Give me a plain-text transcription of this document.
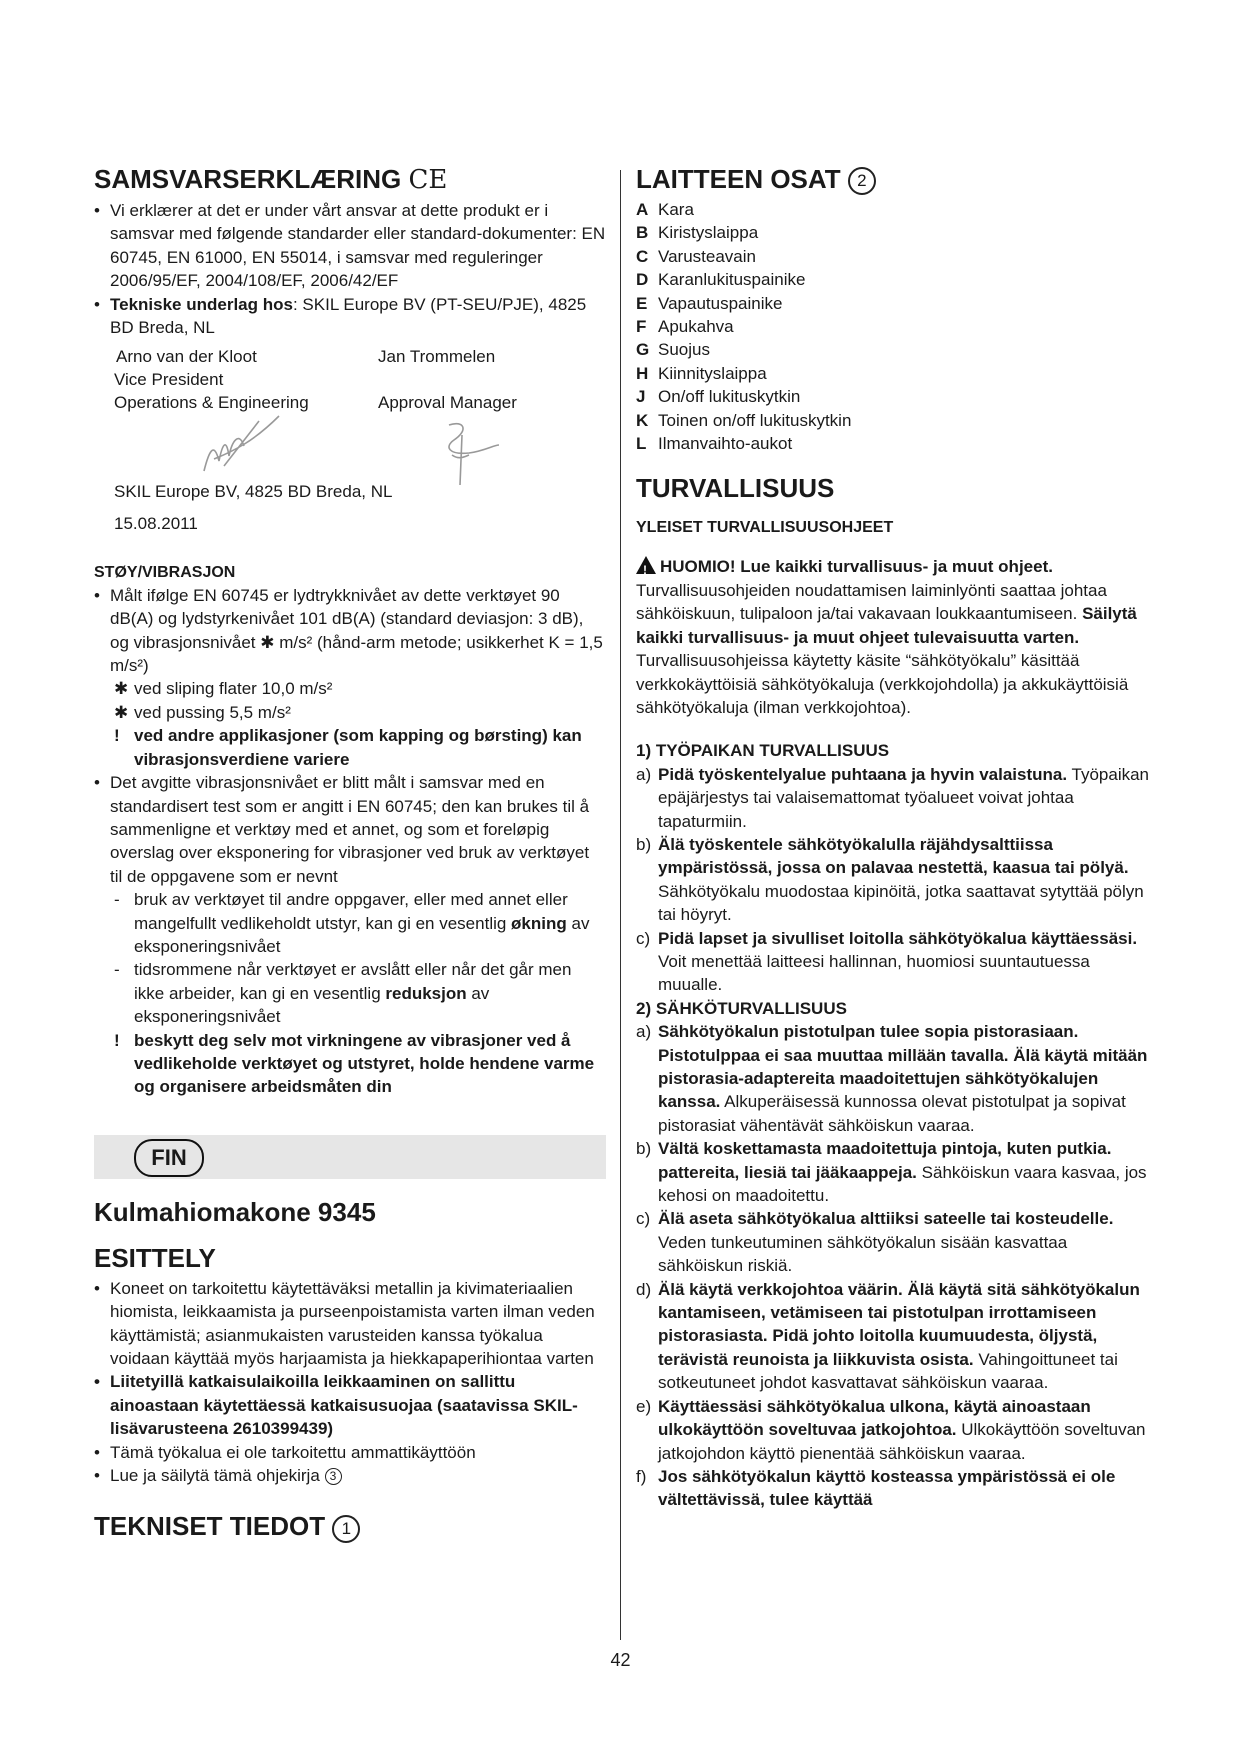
SAMSVARSERKLÆRING CE
• Vi erklærer at det er under vårt ansvar at dette produkt er i samsvar med følgende standarder eller standard-dokumenter: EN 60745, EN 61000, EN 55014, i samsvar med reguleringer 2006/95/EF, 2004/108/EF, 2006/42/EF
• Tekniske underlag hos: SKIL Europe BV (PT-SEU/PJE), 4825 BD Breda, NL
Arno van der Kloot
Vice President
Operations & Engineering
Jan Trommelen
Approval Manager
SKIL Europe BV, 4825 BD Breda, NL

15.08.2011

STØY/VIBRASJON
• Målt ifølge EN 60745 er lydtrykknivået av dette verktøyet 90 dB(A) og lydstyrkenivået 101 dB(A) (standard deviasjon: 3 dB), og vibrasjonsnivået ✱ m/s² (hånd-arm metode; usikkerhet K = 1,5 m/s²)
✱ ved sliping flater 10,0 m/s²
✱ ved pussing 5,5 m/s²
! ved andre applikasjoner (som kapping og børsting) kan vibrasjonsverdiene variere
• Det avgitte vibrasjonsnivået er blitt målt i samsvar med en standardisert test som er angitt i EN 60745; den kan brukes til å sammenligne et verktøy med et annet, og som et foreløpig overslag over eksponering for vibrasjoner ved bruk av verktøyet til de oppgavene som er nevnt
- bruk av verktøyet til andre oppgaver, eller med annet eller mangelfullt vedlikeholdt utstyr, kan gi en vesentlig økning av eksponeringsnivået
- tidsrommene når verktøyet er avslått eller når det går men ikke arbeider, kan gi en vesentlig reduksjon av eksponeringsnivået
! beskytt deg selv mot virkningene av vibrasjoner ved å vedlikeholde verktøyet og utstyret, holde hendene varme og organisere arbeidsmåten din
FIN
Kulmahiomakone 9345
ESITTELY
• Koneet on tarkoitettu käytettäväksi metallin ja kivimateriaalien hiomista, leikkaamista ja purseenpoistamista varten ilman veden käyttämistä; asianmukaisten varusteiden kanssa työkalua voidaan käyttää myös harjaamista ja hiekkapaperihiontaa varten
• Liitetyillä katkaisulaikoilla leikkaaminen on sallittu ainoastaan käytettäessä katkaisusuojaa (saatavissa SKIL-lisävarusteena 2610399439)
• Tämä työkalua ei ole tarkoitettu ammattikäyttöön
• Lue ja säilytä tämä ohjekirja 3
TEKNISET TIEDOT 1
LAITTEEN OSAT 2
A Kara
B Kiristyslaippa
C Varusteavain
D Karanlukituspainike
E Vapautuspainike
F Apukahva
G Suojus
H Kiinnityslaippa
J On/off lukituskytkin
K Toinen on/off lukituskytkin
L Ilmanvaihto-aukot
TURVALLISUUS
YLEISET TURVALLISUUSOHJEET

!HUOMIO! Lue kaikki turvallisuus- ja muut ohjeet. Turvallisuusohjeiden noudattamisen laiminlyönti saattaa johtaa sähköiskuun, tulipaloon ja/tai vakavaan loukkaantumiseen. Säilytä kaikki turvallisuus- ja muut ohjeet tulevaisuutta varten. Turvallisuusohjeissa käytetty käsite “sähkötyökalu” käsittää verkkokäyttöisiä sähkötyökaluja (verkkojohdolla) ja akkukäyttöisiä sähkötyökaluja (ilman verkkojohtoa).

1) TYÖPAIKAN TURVALLISUUS

a) Pidä työskentelyalue puhtaana ja hyvin valaistuna. Työpaikan epäjärjestys tai valaisemattomat työalueet voivat johtaa tapaturmiin.
b) Älä työskentele sähkötyökalulla räjähdysalttiissa ympäristössä, jossa on palavaa nestettä, kaasua tai pölyä. Sähkötyökalu muodostaa kipinöitä, jotka saattavat sytyttää pölyn tai höyryt.
c) Pidä lapset ja sivulliset loitolla sähkötyökalua käyttäessäsi. Voit menettää laitteesi hallinnan, huomiosi suuntautuessa muualle.

2) SÄHKÖTURVALLISUUS

a) Sähkötyökalun pistotulpan tulee sopia pistorasiaan. Pistotulppaa ei saa muuttaa millään tavalla. Älä käytä mitään pistorasia-adaptereita maadoitettujen sähkötyökalujen kanssa. Alkuperäisessä kunnossa olevat pistotulpat ja sopivat pistorasiat vähentävät sähköiskun vaaraa.
b) Vältä koskettamasta maadoitettuja pintoja, kuten putkia. pattereita, liesiä tai jääkaappeja. Sähköiskun vaara kasvaa, jos kehosi on maadoitettu.
c) Älä aseta sähkötyökalua alttiiksi sateelle tai kosteudelle. Veden tunkeutuminen sähkötyökalun sisään kasvattaa sähköiskun riskiä.
d) Älä käytä verkkojohtoa väärin. Älä käytä sitä sähkötyökalun kantamiseen, vetämiseen tai pistotulpan irrottamiseen pistorasiasta. Pidä johto loitolla kuumuudesta, öljystä, terävistä reunoista ja liikkuvista osista. Vahingoittuneet tai sotkeutuneet johdot kasvattavat sähköiskun vaaraa.
e) Käyttäessäsi sähkötyökalua ulkona, käytä ainoastaan ulkokäyttöön soveltuvaa jatkojohtoa. Ulkokäyttöön soveltuvan jatkojohdon käyttö pienentää sähköiskun vaaraa.
f) Jos sähkötyökalun käyttö kosteassa ympäristössä ei ole vältettävissä, tulee käyttää
42
